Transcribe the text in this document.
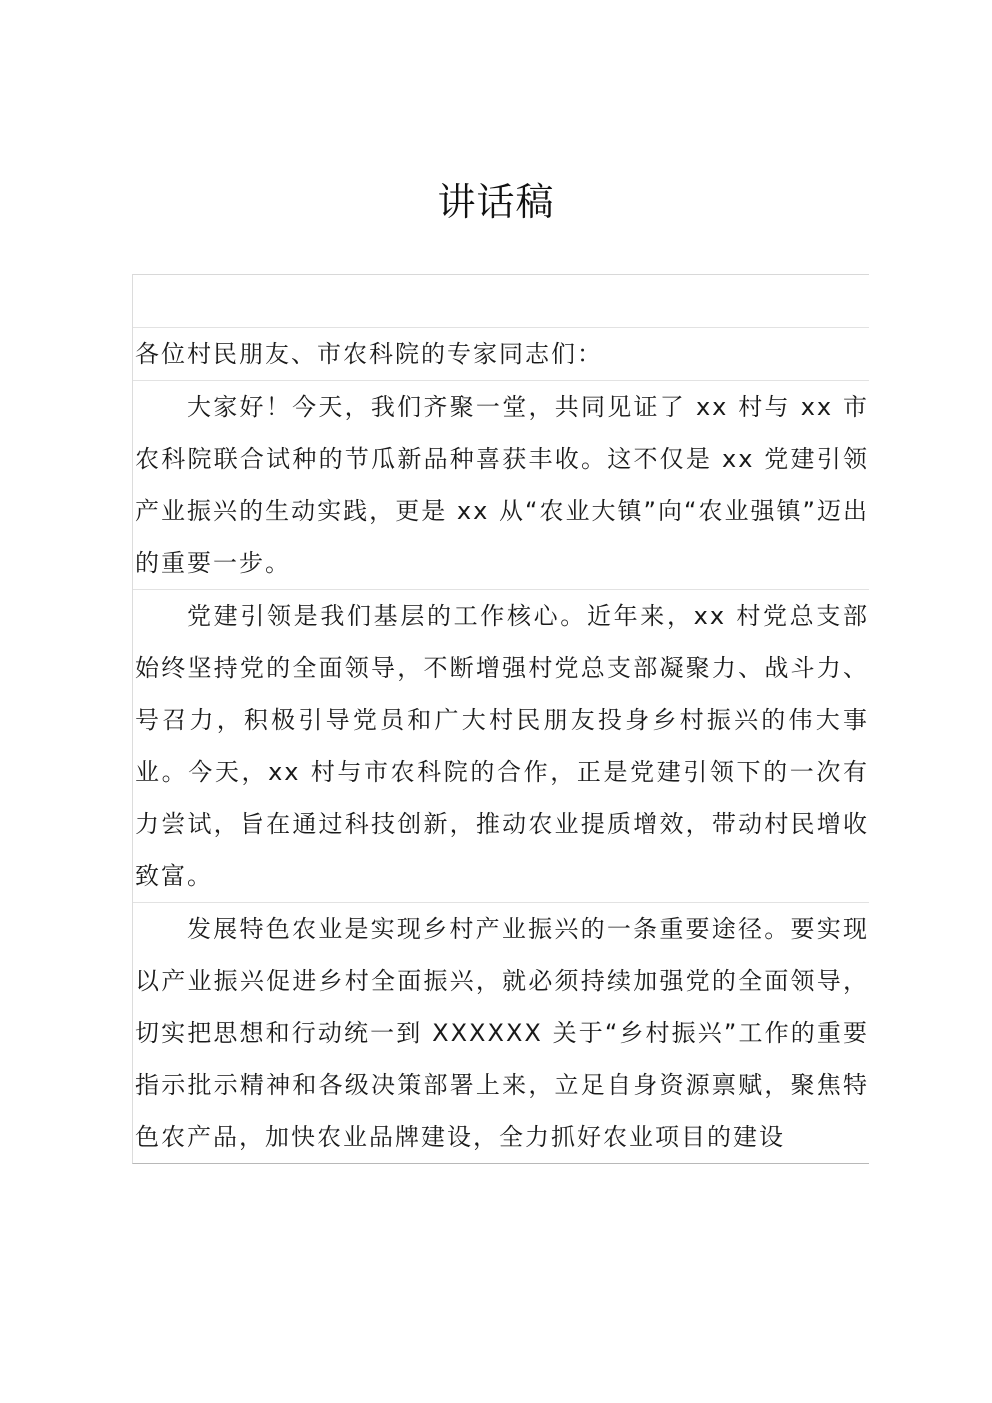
讲话稿
各位村民朋友、市农科院的专家同志们：
大家好！今天，我们齐聚一堂，共同见证了 xx 村与 xx 市农科院联合试种的节瓜新品种喜获丰收。这不仅是 xx 党建引领产业振兴的生动实践，更是 xx 从“农业大镇”向“农业强镇”迈出的重要一步。
党建引领是我们基层的工作核心。近年来，xx 村党总支部始终坚持党的全面领导，不断增强村党总支部凝聚力、战斗力、号召力，积极引导党员和广大村民朋友投身乡村振兴的伟大事业。今天，xx 村与市农科院的合作，正是党建引领下的一次有力尝试，旨在通过科技创新，推动农业提质增效，带动村民增收致富。
发展特色农业是实现乡村产业振兴的一条重要途径。要实现以产业振兴促进乡村全面振兴，就必须持续加强党的全面领导，切实把思想和行动统一到 XXXXXX 关于“乡村振兴”工作的重要指示批示精神和各级决策部署上来，立足自身资源禀赋，聚焦特色农产品，加快农业品牌建设，全力抓好农业项目的建设
